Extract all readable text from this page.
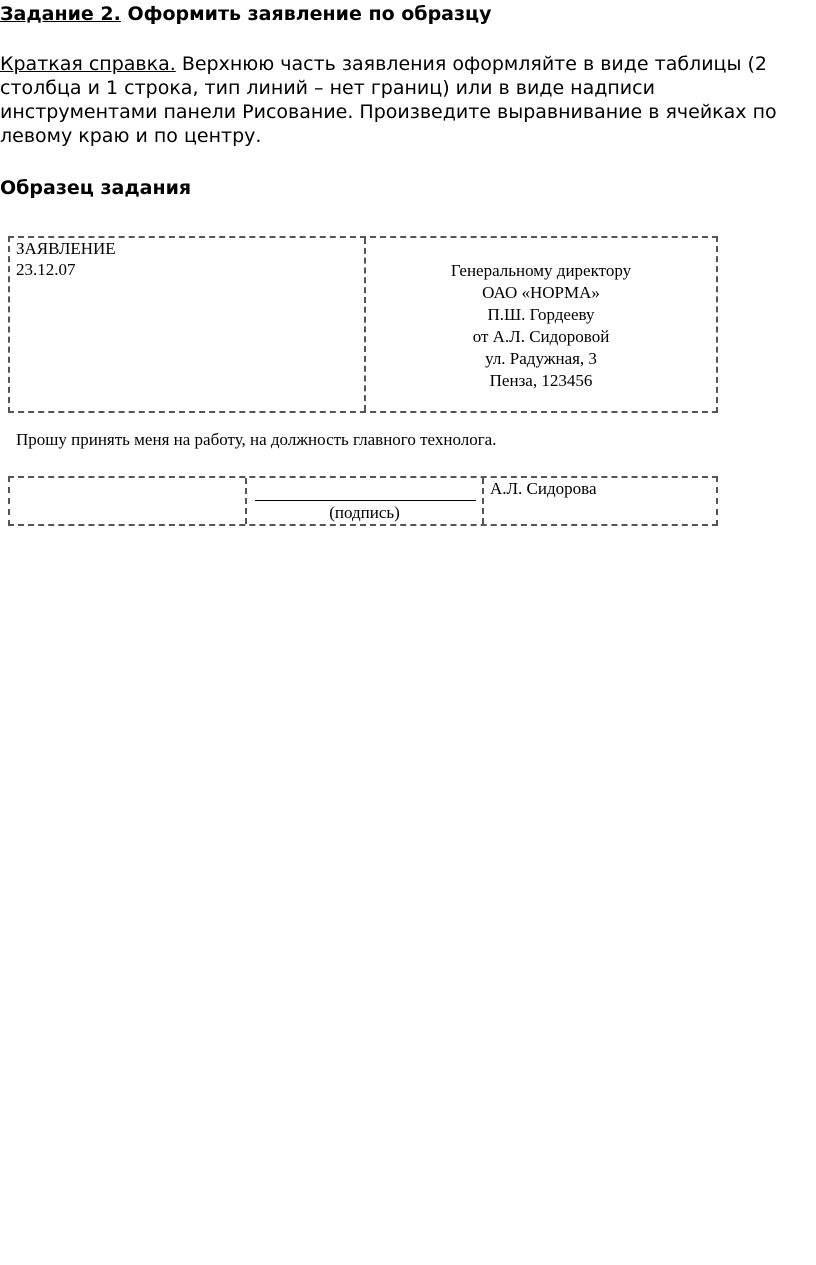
Задание 2. Оформить заявление по образцу
Краткая справка. Верхнюю часть заявления оформляйте в виде таблицы (2 столбца и 1 строка, тип линий – нет границ) или в виде надписи инструментами панели Рисование. Произведите выравнивание в ячейках по левому краю и по центру.
Образец задания
ЗАЯВЛЕНИЕ
23.12.07	Генеральному директору
ОАО «НОРМА»
П.Ш. Гордееву
от А.Л. Сидоровой
ул. Радужная, 3
Пенза, 123456
Прошу принять меня на работу, на должность главного технолога.
(подпись)
А.Л. Сидорова
